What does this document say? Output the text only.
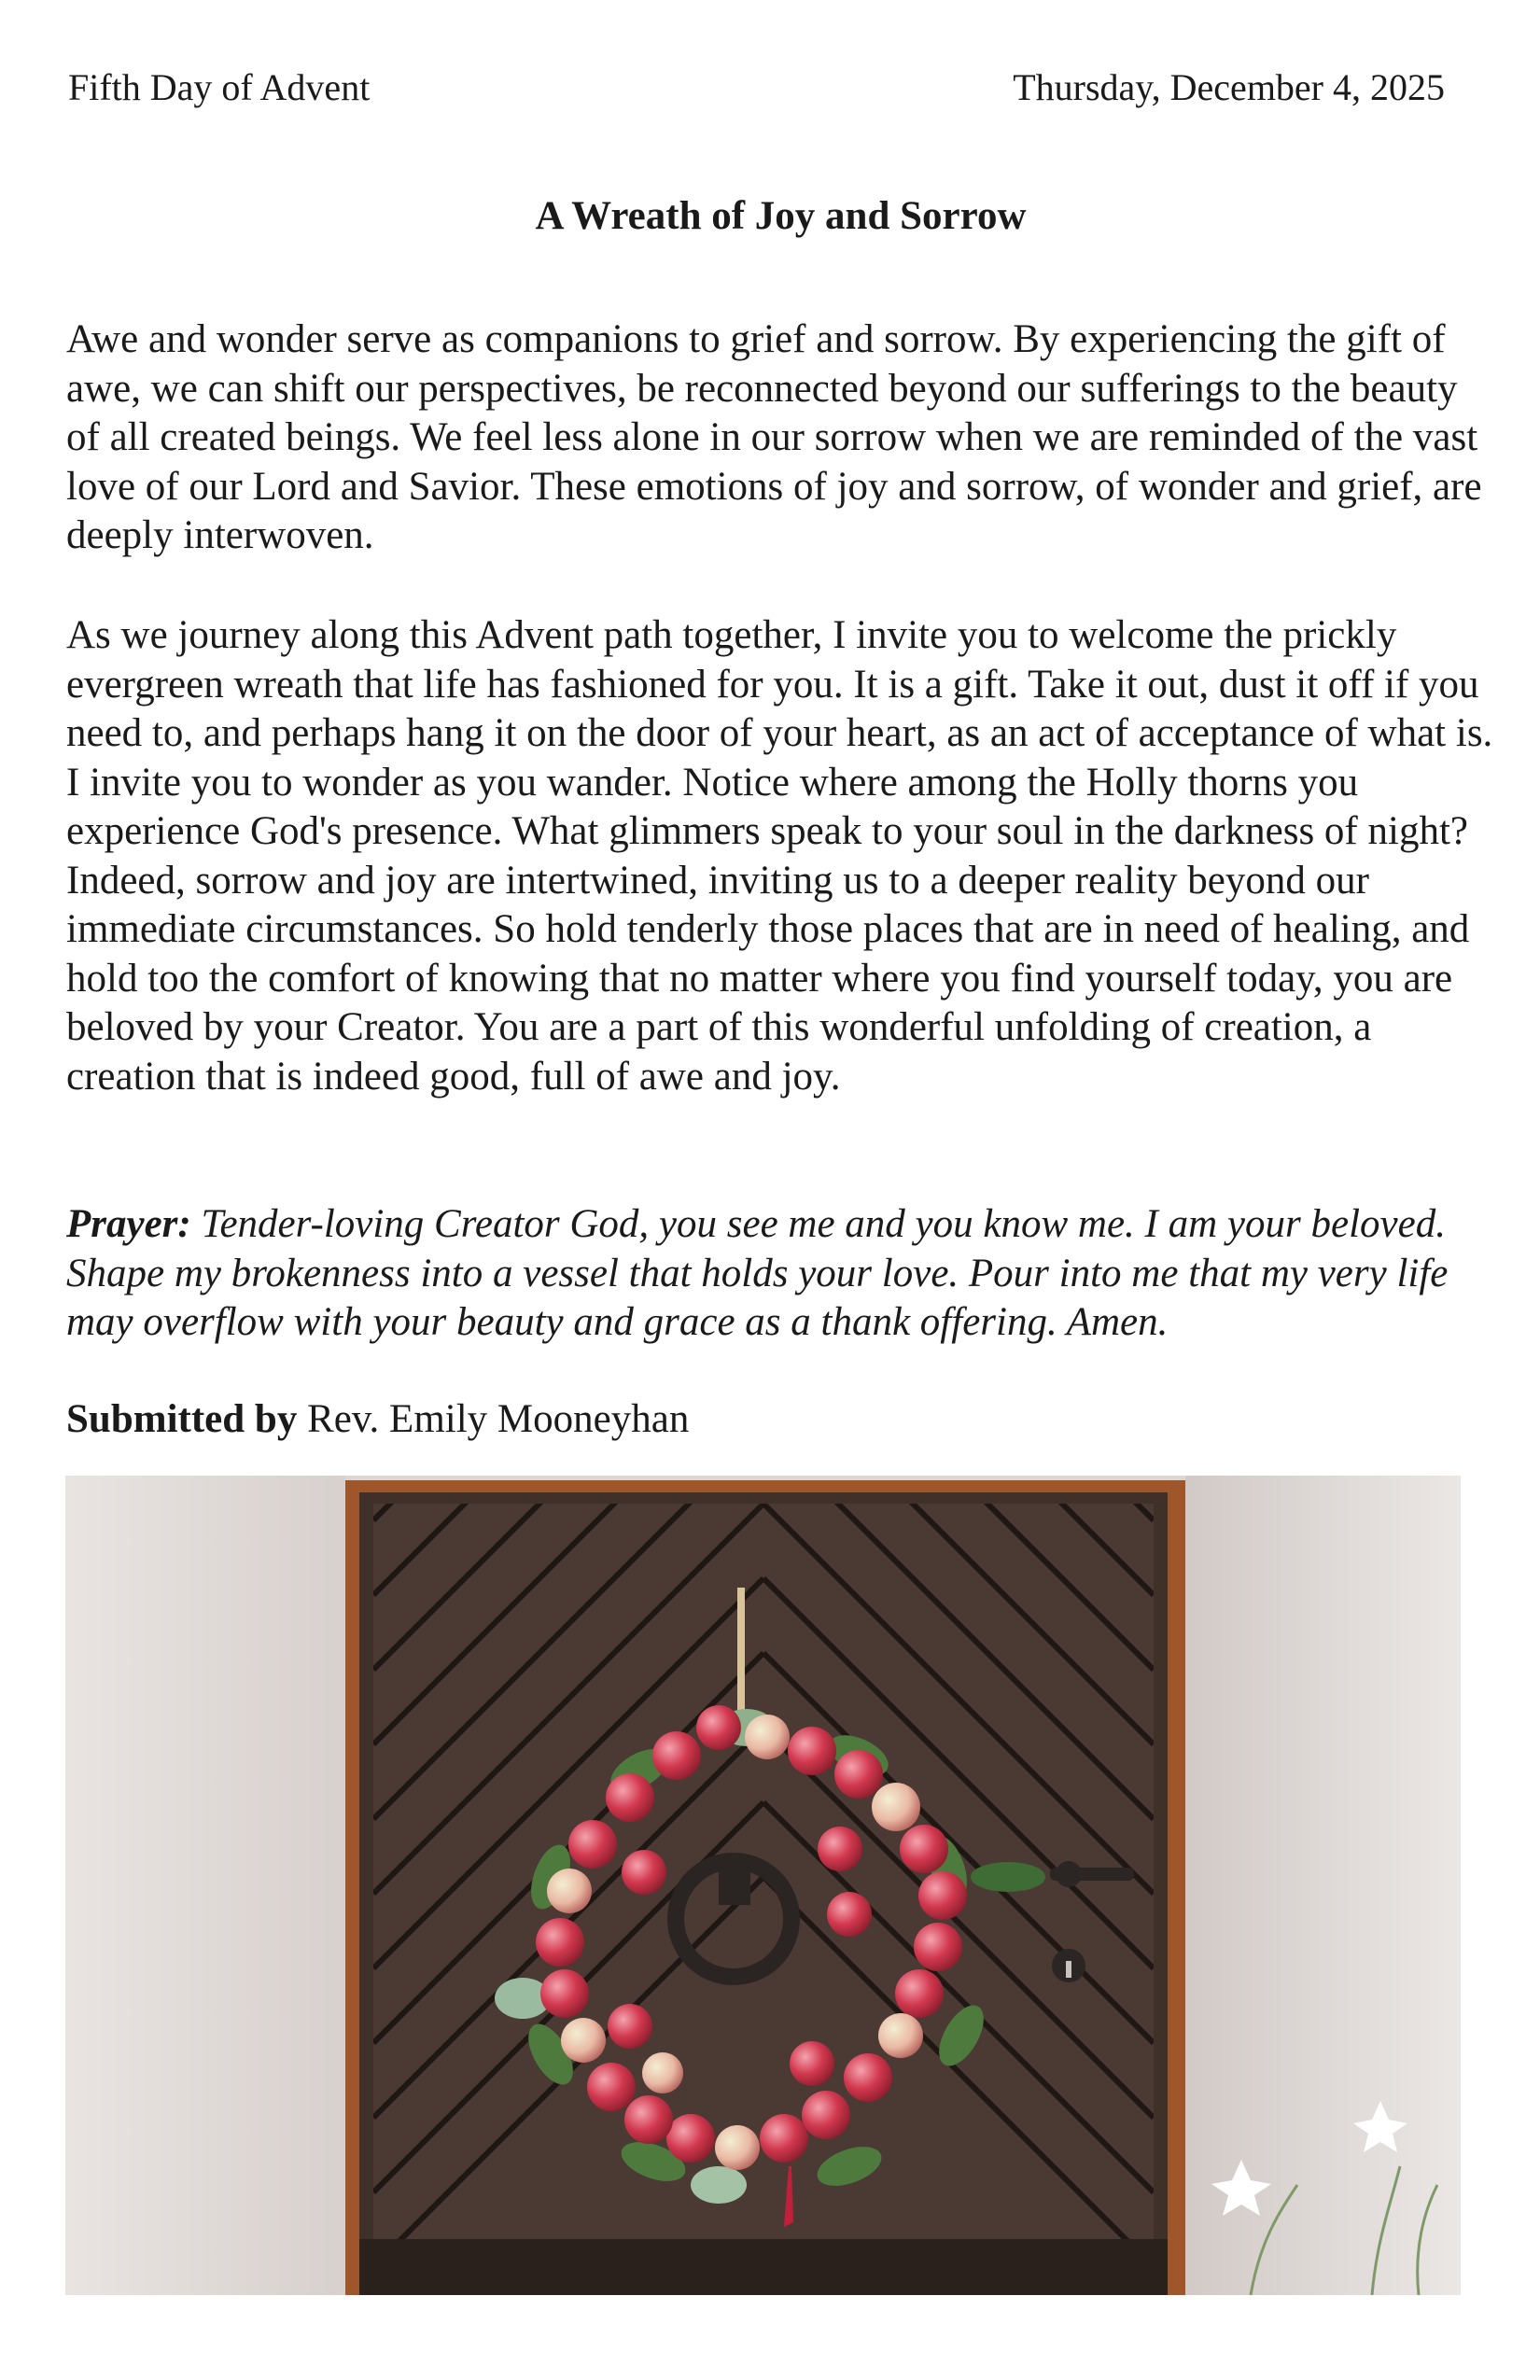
Fifth Day of Advent	Thursday, December 4, 2025
A Wreath of Joy and Sorrow
Awe and wonder serve as companions to grief and sorrow. By experiencing the gift of awe, we can shift our perspectives, be reconnected beyond our sufferings to the beauty of all created beings. We feel less alone in our sorrow when we are reminded of the vast love of our Lord and Savior. These emotions of joy and sorrow, of wonder and grief, are deeply interwoven.
As we journey along this Advent path together, I invite you to welcome the prickly evergreen wreath that life has fashioned for you. It is a gift. Take it out, dust it off if you need to, and perhaps hang it on the door of your heart, as an act of acceptance of what is. I invite you to wonder as you wander. Notice where among the Holly thorns you experience God's presence. What glimmers speak to your soul in the darkness of night? Indeed, sorrow and joy are intertwined, inviting us to a deeper reality beyond our immediate circumstances. So hold tenderly those places that are in need of healing, and hold too the comfort of knowing that no matter where you find yourself today, you are beloved by your Creator. You are a part of this wonderful unfolding of creation, a creation that is indeed good, full of awe and joy.
Prayer: Tender-loving Creator God, you see me and you know me. I am your beloved. Shape my brokenness into a vessel that holds your love. Pour into me that my very life may overflow with your beauty and grace as a thank offering. Amen.
Submitted by Rev. Emily Mooneyhan
